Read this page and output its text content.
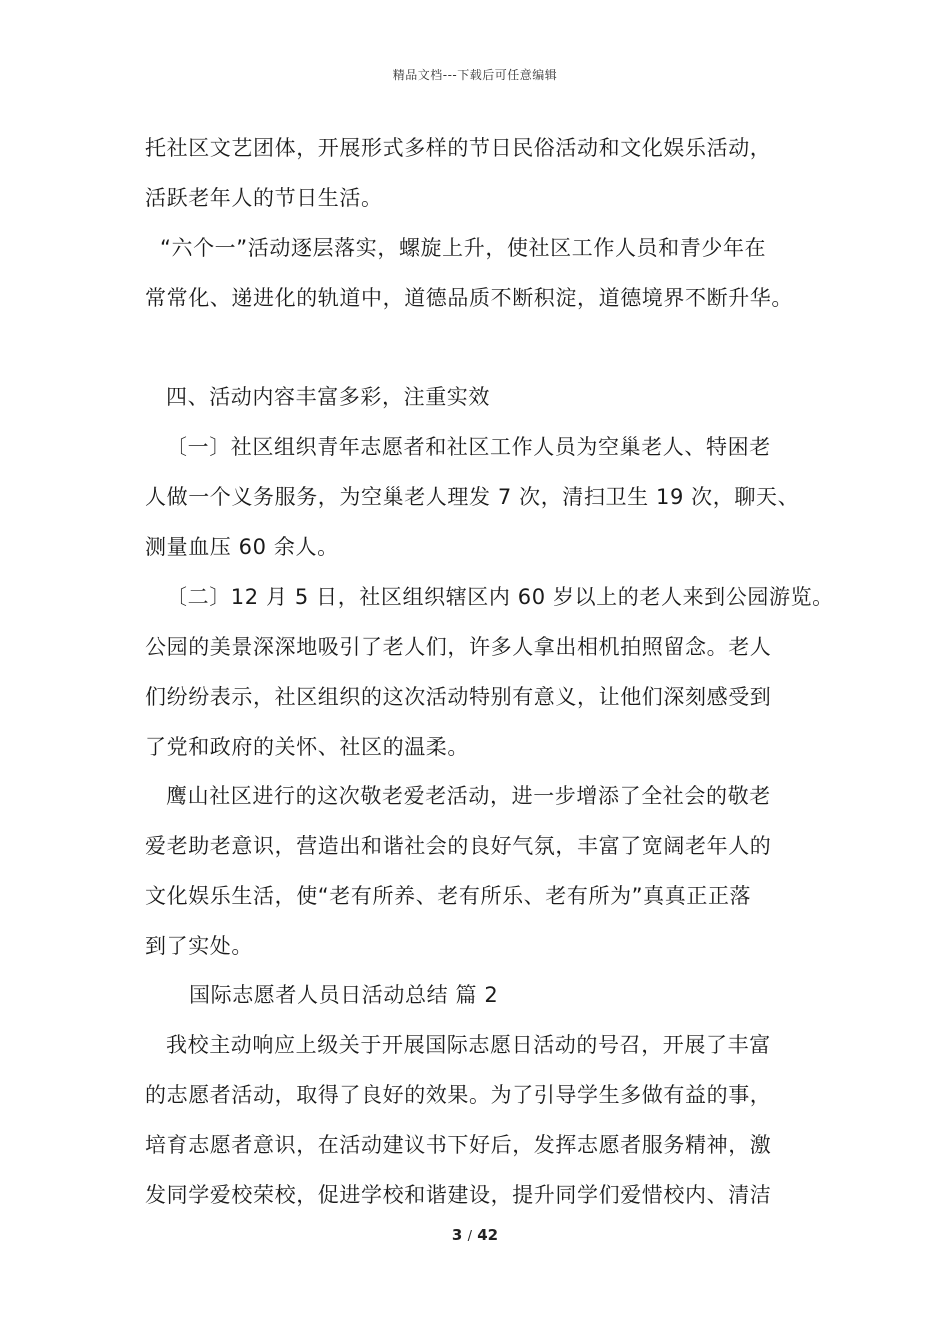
精品文档---下载后可任意编辑
托社区文艺团体，开展形式多样的节日民俗活动和文化娱乐活动，
活跃老年人的节日生活。
“六个一”活动逐层落实，螺旋上升，使社区工作人员和青少年在
常常化、递进化的轨道中，道德品质不断积淀，道德境界不断升华。
四、活动内容丰富多彩，注重实效
〔一〕社区组织青年志愿者和社区工作人员为空巢老人、特困老
人做一个义务服务，为空巢老人理发 7 次，清扫卫生 19 次，聊天、
测量血压 60 余人。
〔二〕12 月 5 日，社区组织辖区内 60 岁以上的老人来到公园游览。
公园的美景深深地吸引了老人们，许多人拿出相机拍照留念。老人
们纷纷表示，社区组织的这次活动特别有意义，让他们深刻感受到
了党和政府的关怀、社区的温柔。
鹰山社区进行的这次敬老爱老活动，进一步增添了全社会的敬老
爱老助老意识，营造出和谐社会的良好气氛，丰富了宽阔老年人的
文化娱乐生活，使“老有所养、老有所乐、老有所为”真真正正落
到了实处。
国际志愿者人员日活动总结 篇 2
我校主动响应上级关于开展国际志愿日活动的号召，开展了丰富
的志愿者活动，取得了良好的效果。为了引导学生多做有益的事，
培育志愿者意识，在活动建议书下好后，发挥志愿者服务精神，激
发同学爱校荣校，促进学校和谐建设，提升同学们爱惜校内、清洁
3 / 42
